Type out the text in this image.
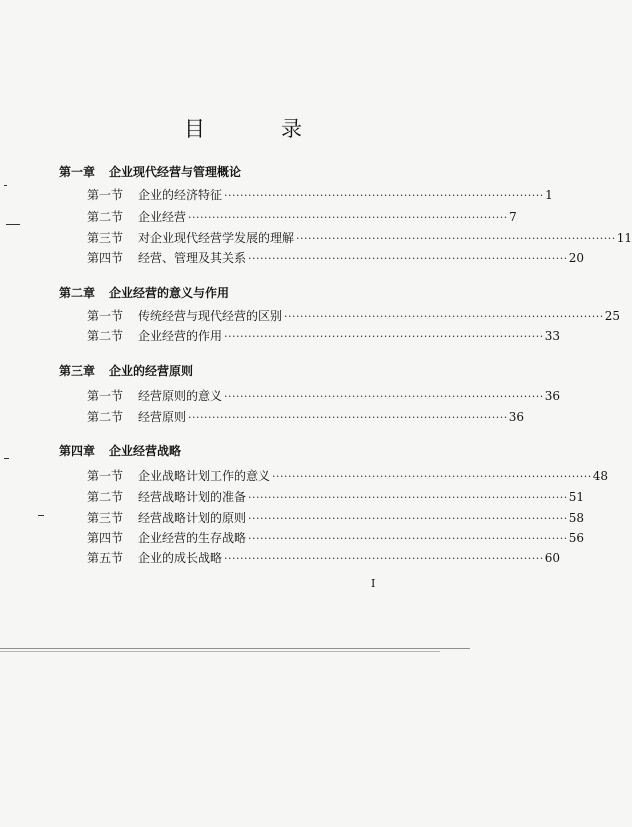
目	录
第一章 企业现代经营与管理概论
第一节	企业的经济特征 ················································································ 1
第二节	企业经营 ················································································ 7
第三节	对企业现代经营学发展的理解 ················································································ 11
第四节	经营、管理及其关系 ················································································ 20
第二章 企业经营的意义与作用
第一节	传统经营与现代经营的区别 ················································································ 25
第二节	企业经营的作用 ················································································ 33
第三章 企业的经营原则
第一节	经营原则的意义 ················································································ 36
第二节	经营原则 ················································································ 36
第四章 企业经营战略
第一节	企业战略计划工作的意义 ················································································ 48
第二节	经营战略计划的准备 ················································································ 51
第三节	经营战略计划的原则 ················································································ 58
第四节	企业经营的生存战略 ················································································ 56
第五节	企业的成长战略 ················································································ 60
I
